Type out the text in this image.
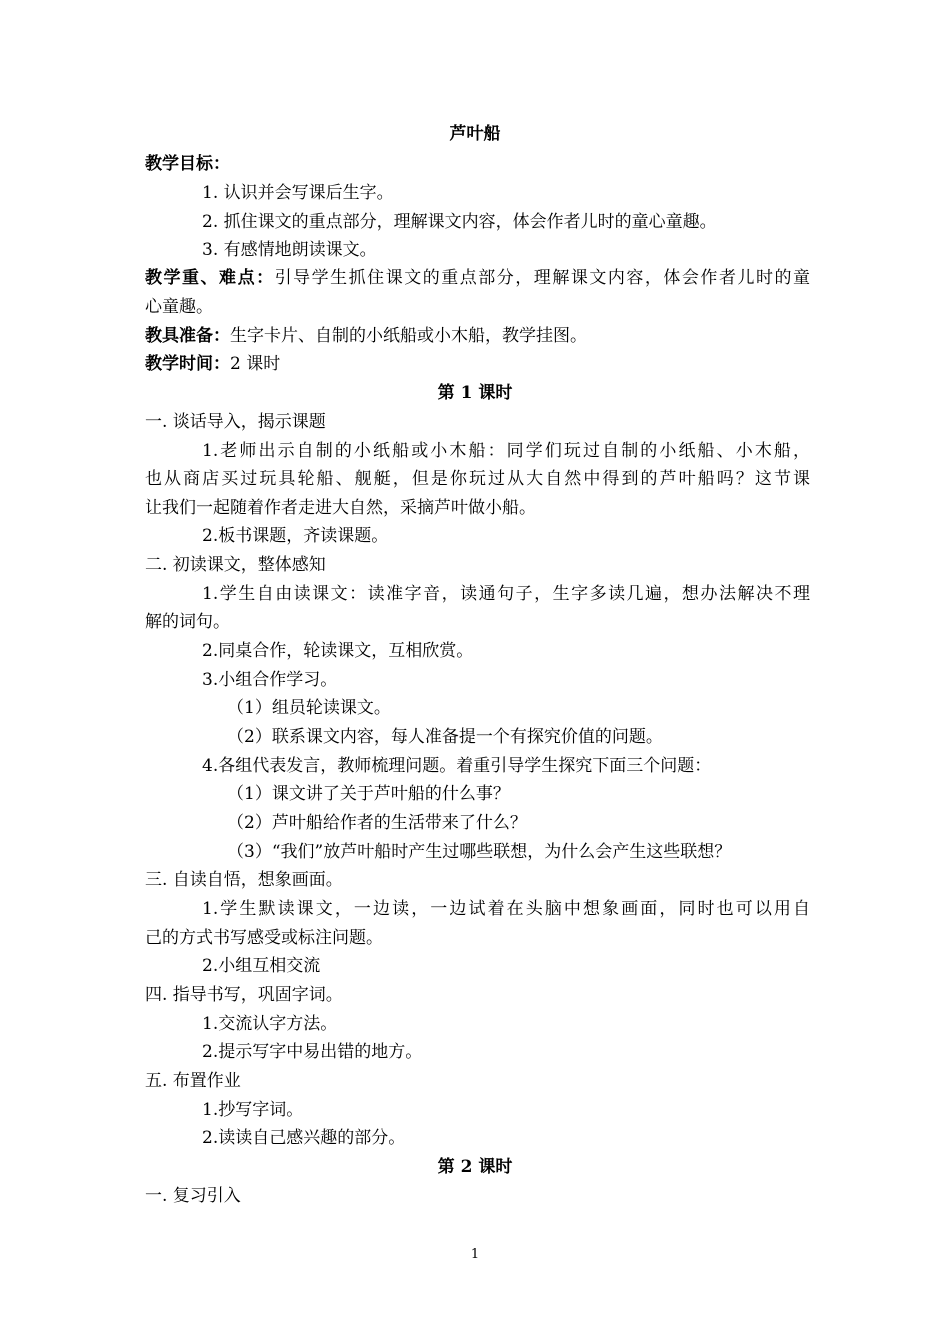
芦叶船
教学目标：
1. 认识并会写课后生字。
2. 抓住课文的重点部分，理解课文内容，体会作者儿时的童心童趣。
3. 有感情地朗读课文。
教学重、难点：引导学生抓住课文的重点部分，理解课文内容，体会作者儿时的童
心童趣。
教具准备：生字卡片、自制的小纸船或小木船，教学挂图。
教学时间：2 课时
第 1 课时
一. 谈话导入，揭示课题
1.老师出示自制的小纸船或小木船：同学们玩过自制的小纸船、小木船，
也从商店买过玩具轮船、舰艇，但是你玩过从大自然中得到的芦叶船吗？这节课
让我们一起随着作者走进大自然，采摘芦叶做小船。
2.板书课题，齐读课题。
二. 初读课文，整体感知
1.学生自由读课文：读准字音，读通句子，生字多读几遍，想办法解决不理
解的词句。
2.同桌合作，轮读课文，互相欣赏。
3.小组合作学习。
（1）组员轮读课文。
（2）联系课文内容，每人准备提一个有探究价值的问题。
4.各组代表发言，教师梳理问题。着重引导学生探究下面三个问题：
（1）课文讲了关于芦叶船的什么事？
（2）芦叶船给作者的生活带来了什么？
（3）“我们”放芦叶船时产生过哪些联想，为什么会产生这些联想？
三. 自读自悟，想象画面。
1.学生默读课文，一边读，一边试着在头脑中想象画面，同时也可以用自
己的方式书写感受或标注问题。
2.小组互相交流
四. 指导书写，巩固字词。
1.交流认字方法。
2.提示写字中易出错的地方。
五. 布置作业
1.抄写字词。
2.读读自己感兴趣的部分。
第 2 课时
一. 复习引入
1
